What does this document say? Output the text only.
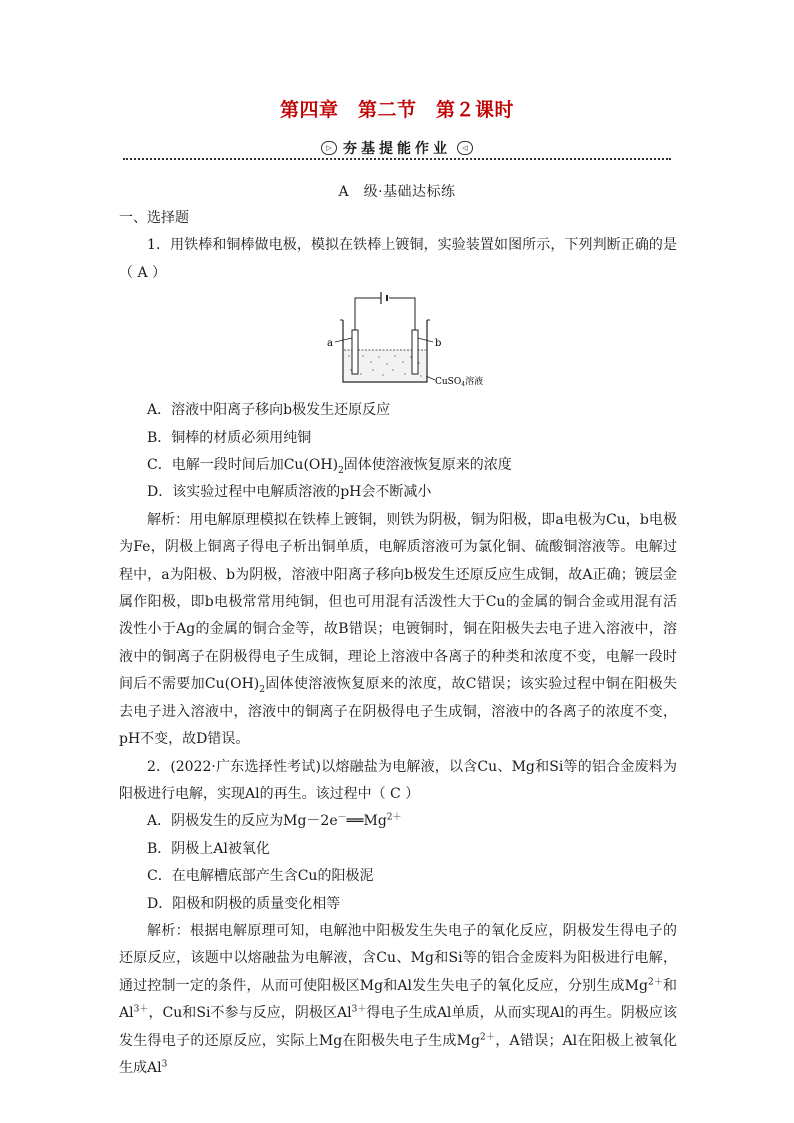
第四章　第二节　第２课时
▷ 夯基提能作业	◁
A　级·基础达标练

一、选择题

1．用铁棒和铜棒做电极，模拟在铁棒上镀铜，实验装置如图所示，下列判断正确的是（ A ）

a	b
CuSO$_4$溶液

A．溶液中阳离子移向b极发生还原反应

B．铜棒的材质必须用纯铜

C．电解一段时间后加$Cu(OH)_2$固体使溶液恢复原来的浓度

D．该实验过程中电解质溶液的pH会不断减小

解析：用电解原理模拟在铁棒上镀铜，则铁为阴极，铜为阳极，即a电极为Cu，b电极为Fe，阴极上铜离子得电子析出铜单质，电解质溶液可为氯化铜、硫酸铜溶液等。电解过程中，a为阳极、b为阴极，溶液中阳离子移向b极发生还原反应生成铜，故A正确；镀层金属作阳极，即b电极常常用纯铜，但也可用混有活泼性大于Cu的金属的铜合金或用混有活泼性小于Ag的金属的铜合金等，故B错误；电镀铜时，铜在阳极失去电子进入溶液中，溶液中的铜离子在阴极得电子生成铜，理论上溶液中各离子的种类和浓度不变，电解一段时间后不需要加$Cu(OH)_2$固体使溶液恢复原来的浓度，故C错误；该实验过程中铜在阳极失去电子进入溶液中，溶液中的铜离子在阴极得电子生成铜，溶液中的各离子的浓度不变，pH不变，故D错误。

2．(2022·广东选择性考试)以熔融盐为电解液，以含Cu、Mg和Si等的铝合金废料为阳极进行电解，实现Al的再生。该过程中（ C ）

A．阴极发生的反应为$Mg-2e^-══Mg^{2+}$

B．阴极上Al被氧化

C．在电解槽底部产生含Cu的阳极泥

D．阳极和阴极的质量变化相等

解析：根据电解原理可知，电解池中阳极发生失电子的氧化反应，阴极发生得电子的还原反应，该题中以熔融盐为电解液，含Cu、Mg和Si等的铝合金废料为阳极进行电解，通过控制一定的条件，从而可使阳极区Mg和Al发生失电子的氧化反应，分别生成$Mg^{2+}$和$Al^{3+}$，Cu和Si不参与反应，阴极区$Al^{3+}$得电子生成Al单质，从而实现Al的再生。阴极应该发生得电子的还原反应，实际上Mg在阳极失电子生成$Mg^{2+}$，A错误；Al在阳极上被氧化生成Al$^3$
